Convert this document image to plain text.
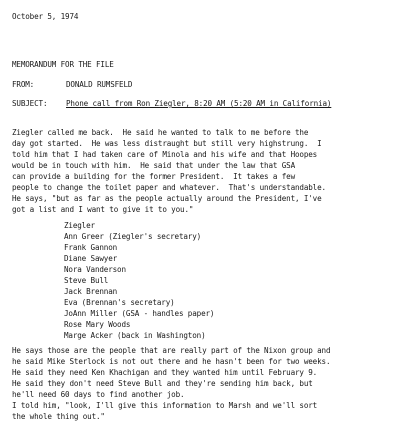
October 5, 1974
MEMORANDUM FOR THE FILE
FROM:	DONALD RUMSFELD
SUBJECT: Phone call from Ron Ziegler, 8:20 AM (5:20 AM in California)
Ziegler called me back.  He said he wanted to talk to me before the
day got started.  He was less distraught but still very highstrung.  I
told him that I had taken care of Minola and his wife and that Hoopes
would be in touch with him.  He said that under the law that GSA
can provide a building for the former President.  It takes a few
people to change the toilet paper and whatever.  That's understandable.
He says, "but as far as the people actually around the President, I've
got a list and I want to give it to you."
Ziegler
Ann Greer (Ziegler's secretary)
Frank Gannon
Diane Sawyer
Nora Vanderson
Steve Bull
Jack Brennan
Eva (Brennan's secretary)
JoAnn Miller (GSA - handles paper)
Rose Mary Woods
Marge Acker (back in Washington)
He says those are the people that are really part of the Nixon group and
he said Mike Sterlock is not out there and he hasn't been for two weeks.
He said they need Ken Khachigan and they wanted him until February 9.
He said they don't need Steve Bull and they're sending him back, but
he'll need 60 days to find another job.
I told him, "look, I'll give this information to Marsh and we'll sort
the whole thing out."
